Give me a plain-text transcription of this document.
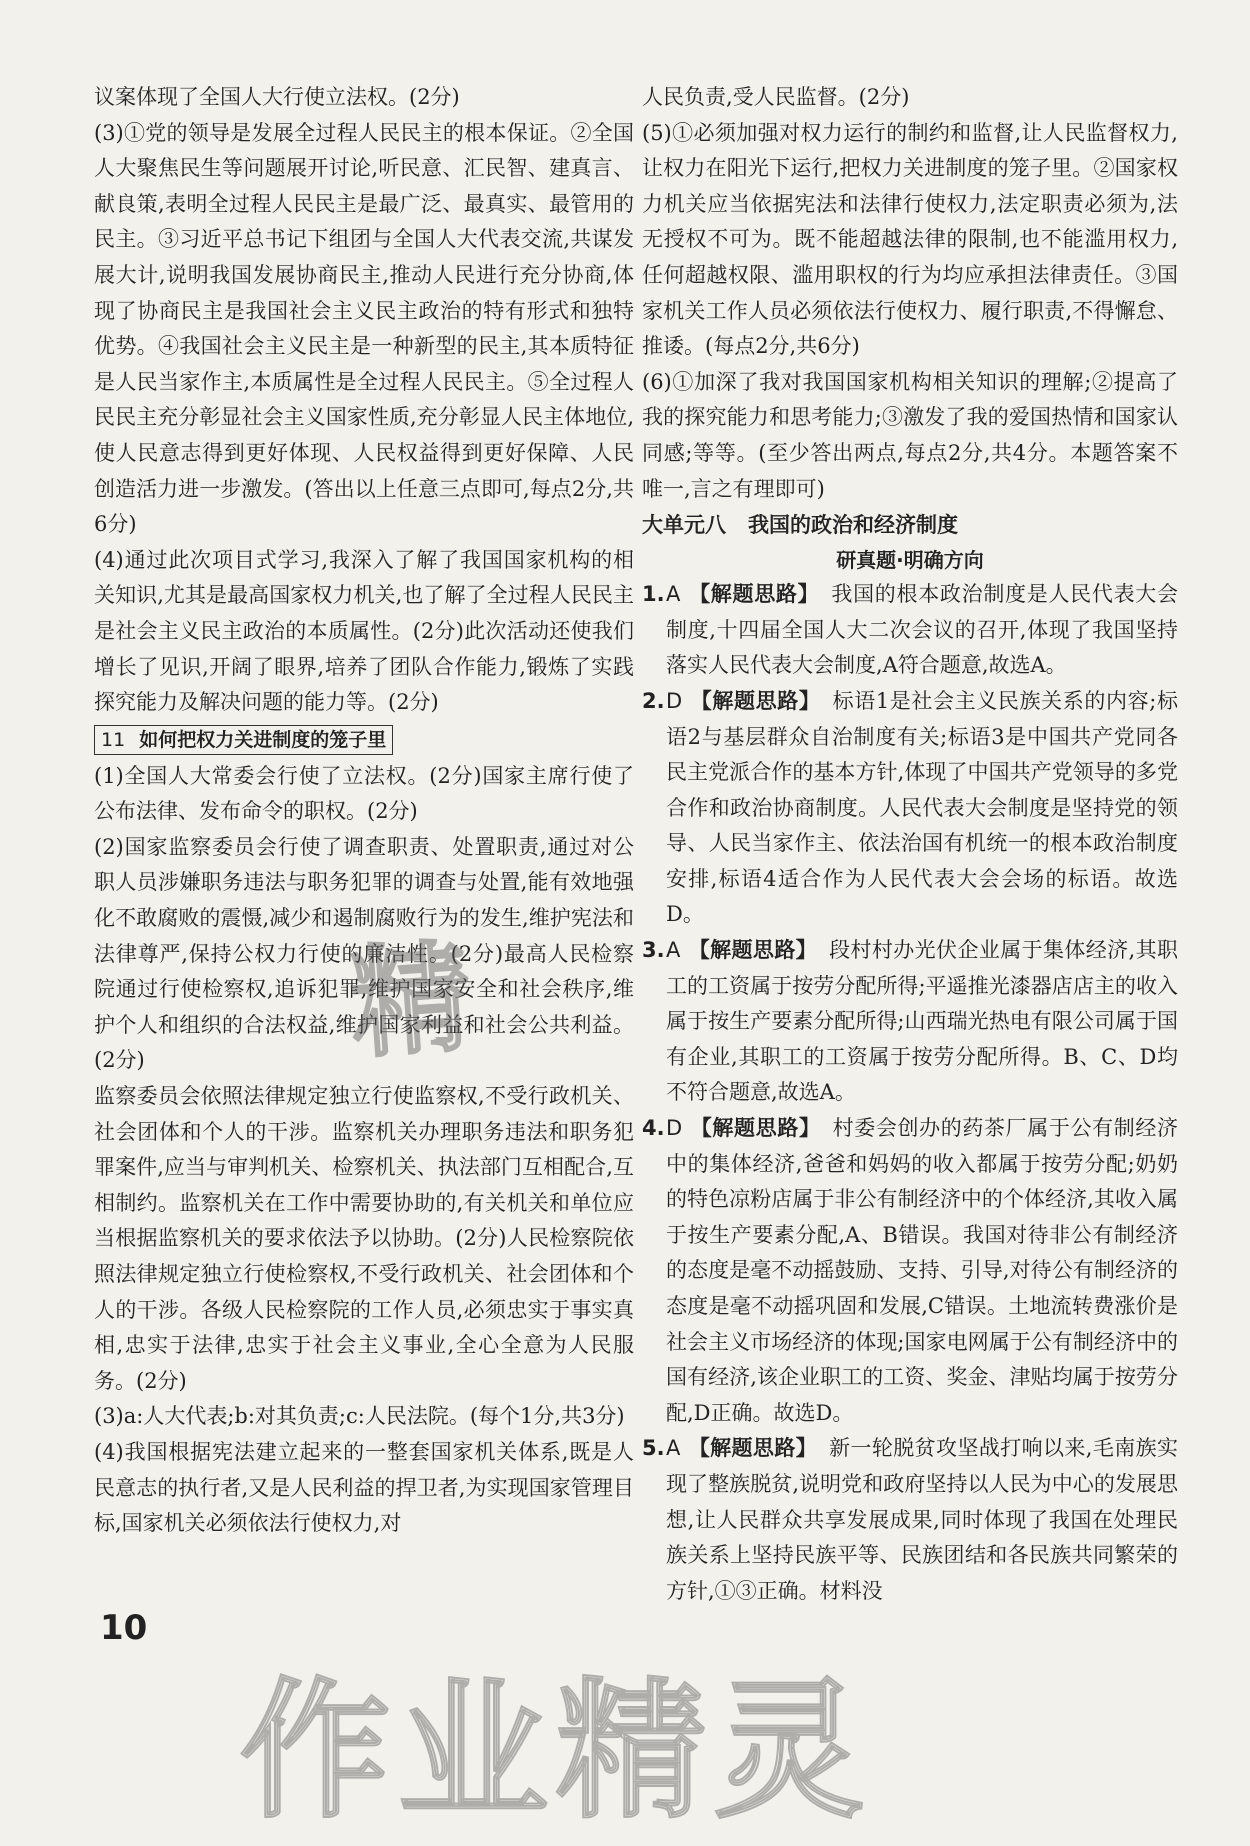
议案体现了全国人大行使立法权。(2分)

(3)①党的领导是发展全过程人民民主的根本保证。②全国人大聚焦民生等问题展开讨论,听民意、汇民智、建真言、献良策,表明全过程人民民主是最广泛、最真实、最管用的民主。③习近平总书记下组团与全国人大代表交流,共谋发展大计,说明我国发展协商民主,推动人民进行充分协商,体现了协商民主是我国社会主义民主政治的特有形式和独特优势。④我国社会主义民主是一种新型的民主,其本质特征是人民当家作主,本质属性是全过程人民民主。⑤全过程人民民主充分彰显社会主义国家性质,充分彰显人民主体地位,使人民意志得到更好体现、人民权益得到更好保障、人民创造活力进一步激发。(答出以上任意三点即可,每点2分,共6分)

(4)通过此次项目式学习,我深入了解了我国国家机构的相关知识,尤其是最高国家权力机关,也了解了全过程人民民主是社会主义民主政治的本质属性。(2分)此次活动还使我们增长了见识,开阔了眼界,培养了团队合作能力,锻炼了实践探究能力及解决问题的能力等。(2分)

11 如何把权力关进制度的笼子里

(1)全国人大常委会行使了立法权。(2分)国家主席行使了公布法律、发布命令的职权。(2分)

(2)国家监察委员会行使了调查职责、处置职责,通过对公职人员涉嫌职务违法与职务犯罪的调查与处置,能有效地强化不敢腐败的震慑,减少和遏制腐败行为的发生,维护宪法和法律尊严,保持公权力行使的廉洁性。(2分)最高人民检察院通过行使检察权,追诉犯罪,维护国家安全和社会秩序,维护个人和组织的合法权益,维护国家利益和社会公共利益。(2分)

监察委员会依照法律规定独立行使监察权,不受行政机关、社会团体和个人的干涉。监察机关办理职务违法和职务犯罪案件,应当与审判机关、检察机关、执法部门互相配合,互相制约。监察机关在工作中需要协助的,有关机关和单位应当根据监察机关的要求依法予以协助。(2分)人民检察院依照法律规定独立行使检察权,不受行政机关、社会团体和个人的干涉。各级人民检察院的工作人员,必须忠实于事实真相,忠实于法律,忠实于社会主义事业,全心全意为人民服务。(2分)

(3)a:人大代表;b:对其负责;c:人民法院。(每个1分,共3分)

(4)我国根据宪法建立起来的一整套国家机关体系,既是人民意志的执行者,又是人民利益的捍卫者,为实现国家管理目标,国家机关必须依法行使权力,对

人民负责,受人民监督。(2分)

(5)①必须加强对权力运行的制约和监督,让人民监督权力,让权力在阳光下运行,把权力关进制度的笼子里。②国家权力机关应当依据宪法和法律行使权力,法定职责必须为,法无授权不可为。既不能超越法律的限制,也不能滥用权力,任何超越权限、滥用职权的行为均应承担法律责任。③国家机关工作人员必须依法行使权力、履行职责,不得懈怠、推诿。(每点2分,共6分)

(6)①加深了我对我国国家机构相关知识的理解;②提高了我的探究能力和思考能力;③激发了我的爱国热情和国家认同感;等等。(至少答出两点,每点2分,共4分。本题答案不唯一,言之有理即可)

大单元八 我国的政治和经济制度
研真题·明确方向
1. A 【解题思路】 我国的根本政治制度是人民代表大会制度,十四届全国人大二次会议的召开,体现了我国坚持落实人民代表大会制度,A符合题意,故选A。
2. D 【解题思路】 标语1是社会主义民族关系的内容;标语2与基层群众自治制度有关;标语3是中国共产党同各民主党派合作的基本方针,体现了中国共产党领导的多党合作和政治协商制度。人民代表大会制度是坚持党的领导、人民当家作主、依法治国有机统一的根本政治制度安排,标语4适合作为人民代表大会会场的标语。故选D。
3. A 【解题思路】 段村村办光伏企业属于集体经济,其职工的工资属于按劳分配所得;平遥推光漆器店店主的收入属于按生产要素分配所得;山西瑞光热电有限公司属于国有企业,其职工的工资属于按劳分配所得。B、C、D均不符合题意,故选A。
4. D 【解题思路】 村委会创办的药茶厂属于公有制经济中的集体经济,爸爸和妈妈的收入都属于按劳分配;奶奶的特色凉粉店属于非公有制经济中的个体经济,其收入属于按生产要素分配,A、B错误。我国对待非公有制经济的态度是毫不动摇鼓励、支持、引导,对待公有制经济的态度是毫不动摇巩固和发展,C错误。土地流转费涨价是社会主义市场经济的体现;国家电网属于公有制经济中的国有经济,该企业职工的工资、奖金、津贴均属于按劳分配,D正确。故选D。
5. A 【解题思路】 新一轮脱贫攻坚战打响以来,毛南族实现了整族脱贫,说明党和政府坚持以人民为中心的发展思想,让人民群众共享发展成果,同时体现了我国在处理民族关系上坚持民族平等、民族团结和各民族共同繁荣的方针,①③正确。材料没
10
精
作业精灵
